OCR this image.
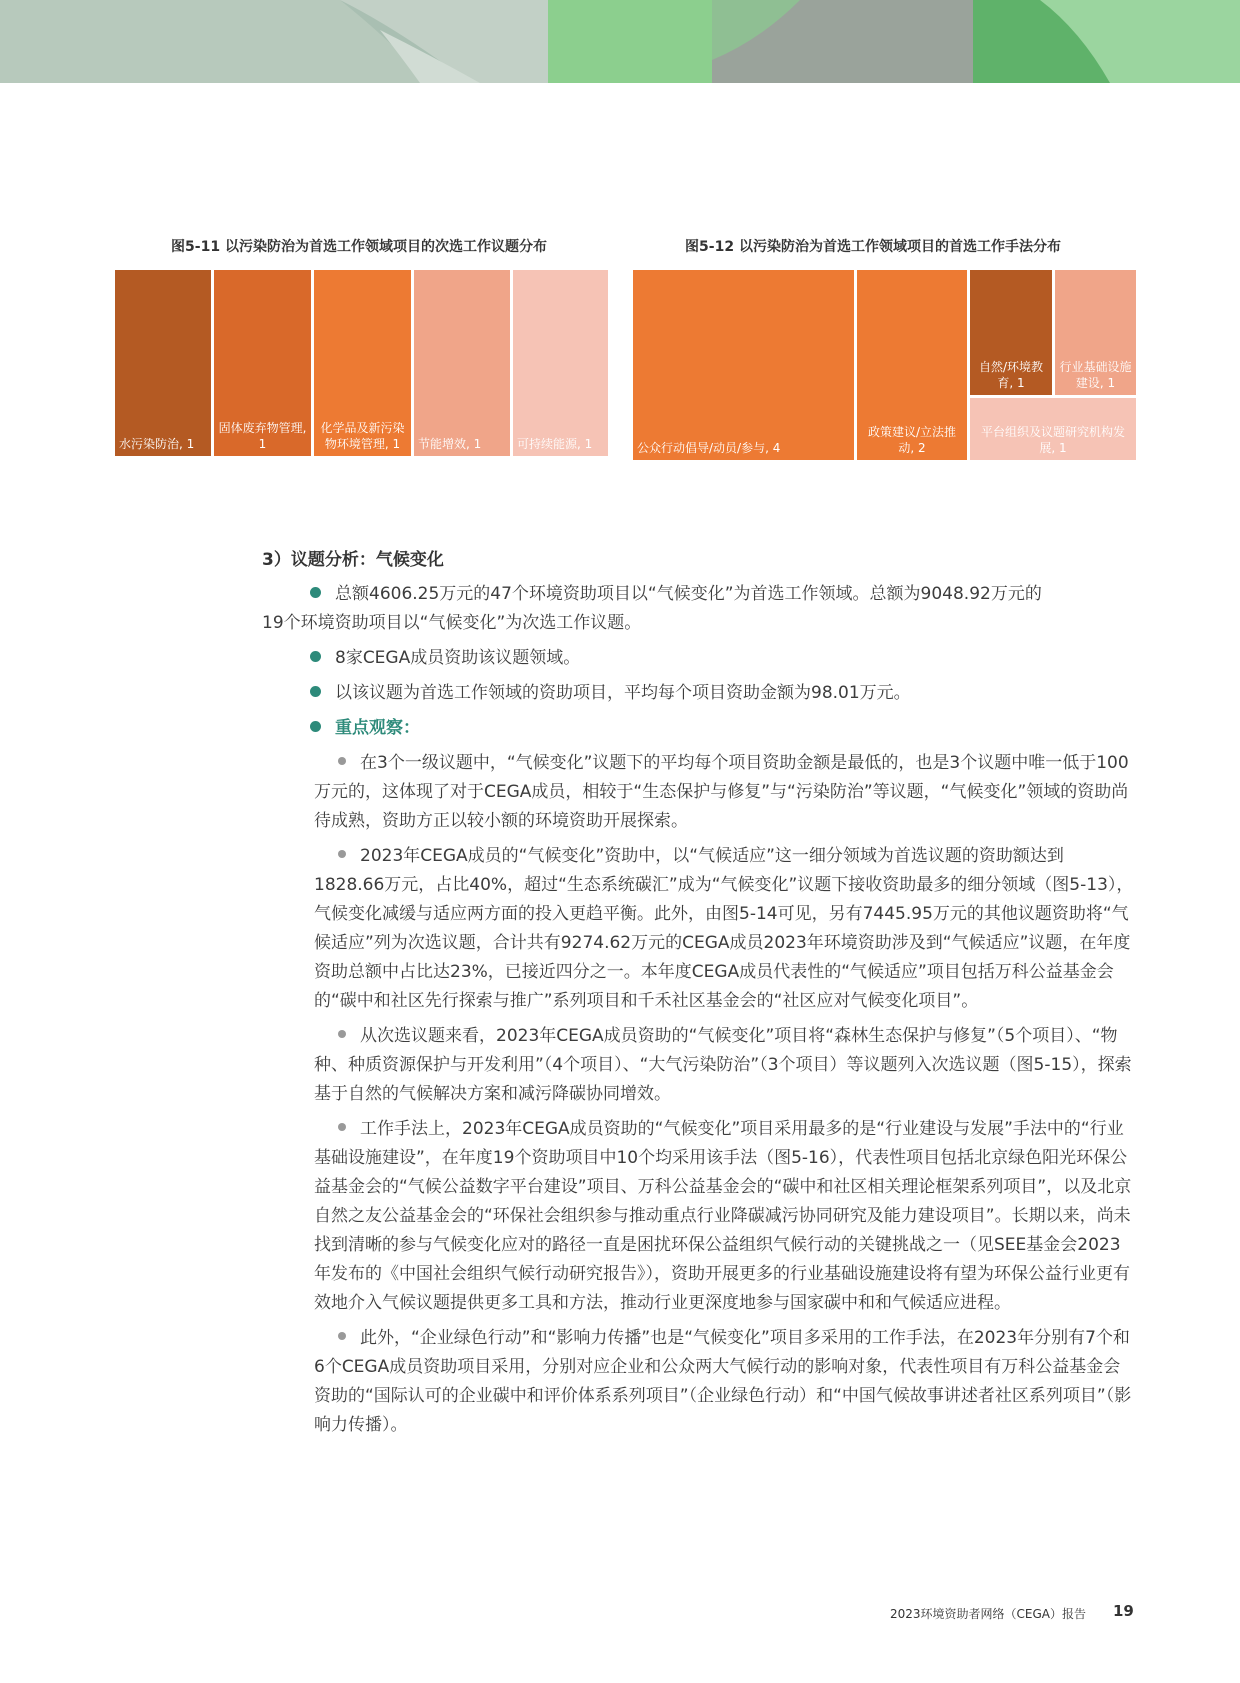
图5-11 以污染防治为首选工作领域项目的次选工作议题分布
水污染防治, 1
固体废弃物管理, 1
化学品及新污染物环境管理, 1	节能增效, 1	可持续能源, 1
图5-12 以污染防治为首选工作领域项目的首选工作手法分布
公众行动倡导/动员/参与, 4
政策建议/立法推动, 2
自然/环境教育, 1
行业基础设施建设, 1
平台组织及议题研究机构发展, 1
3）议题分析：气候变化
总额4606.25万元的47个环境资助项目以“气候变化”为首选工作领域。总额为9048.92万元的
19个环境资助项目以“气候变化”为次选工作议题。
8家CEGA成员资助该议题领域。
以该议题为首选工作领域的资助项目，平均每个项目资助金额为98.01万元。
重点观察：
在3个一级议题中，“气候变化”议题下的平均每个项目资助金额是最低的，也是3个议题中唯一低于100万元的，这体现了对于CEGA成员，相较于“生态保护与修复”与“污染防治”等议题，“气候变化”领域的资助尚待成熟，资助方正以较小额的环境资助开展探索。
2023年CEGA成员的“气候变化”资助中，以“气候适应”这一细分领域为首选议题的资助额达到1828.66万元，占比40%，超过“生态系统碳汇”成为“气候变化”议题下接收资助最多的细分领域（图5-13），气候变化减缓与适应两方面的投入更趋平衡。此外，由图5-14可见，另有7445.95万元的其他议题资助将“气候适应”列为次选议题，合计共有9274.62万元的CEGA成员2023年环境资助涉及到“气候适应”议题，在年度资助总额中占比达23%，已接近四分之一。本年度CEGA成员代表性的“气候适应”项目包括万科公益基金会的“碳中和社区先行探索与推广”系列项目和千禾社区基金会的“社区应对气候变化项目”。
从次选议题来看，2023年CEGA成员资助的“气候变化”项目将“森林生态保护与修复”（5个项目）、“物种、种质资源保护与开发利用”（4个项目）、“大气污染防治”（3个项目）等议题列入次选议题（图5-15），探索基于自然的气候解决方案和减污降碳协同增效。
工作手法上，2023年CEGA成员资助的“气候变化”项目采用最多的是“行业建设与发展”手法中的“行业基础设施建设”，在年度19个资助项目中10个均采用该手法（图5-16），代表性项目包括北京绿色阳光环保公益基金会的“气候公益数字平台建设”项目、万科公益基金会的“碳中和社区相关理论框架系列项目”，以及北京自然之友公益基金会的“环保社会组织参与推动重点行业降碳减污协同研究及能力建设项目”。长期以来，尚未找到清晰的参与气候变化应对的路径一直是困扰环保公益组织气候行动的关键挑战之一（见SEE基金会2023年发布的《中国社会组织气候行动研究报告》），资助开展更多的行业基础设施建设将有望为环保公益行业更有效地介入气候议题提供更多工具和方法，推动行业更深度地参与国家碳中和和气候适应进程。
此外，“企业绿色行动”和“影响力传播”也是“气候变化”项目多采用的工作手法，在2023年分别有7个和6个CEGA成员资助项目采用，分别对应企业和公众两大气候行动的影响对象，代表性项目有万科公益基金会资助的“国际认可的企业碳中和评价体系系列项目”（企业绿色行动）和“中国气候故事讲述者社区系列项目”（影响力传播）。
2023环境资助者网络（CEGA）报告 19
